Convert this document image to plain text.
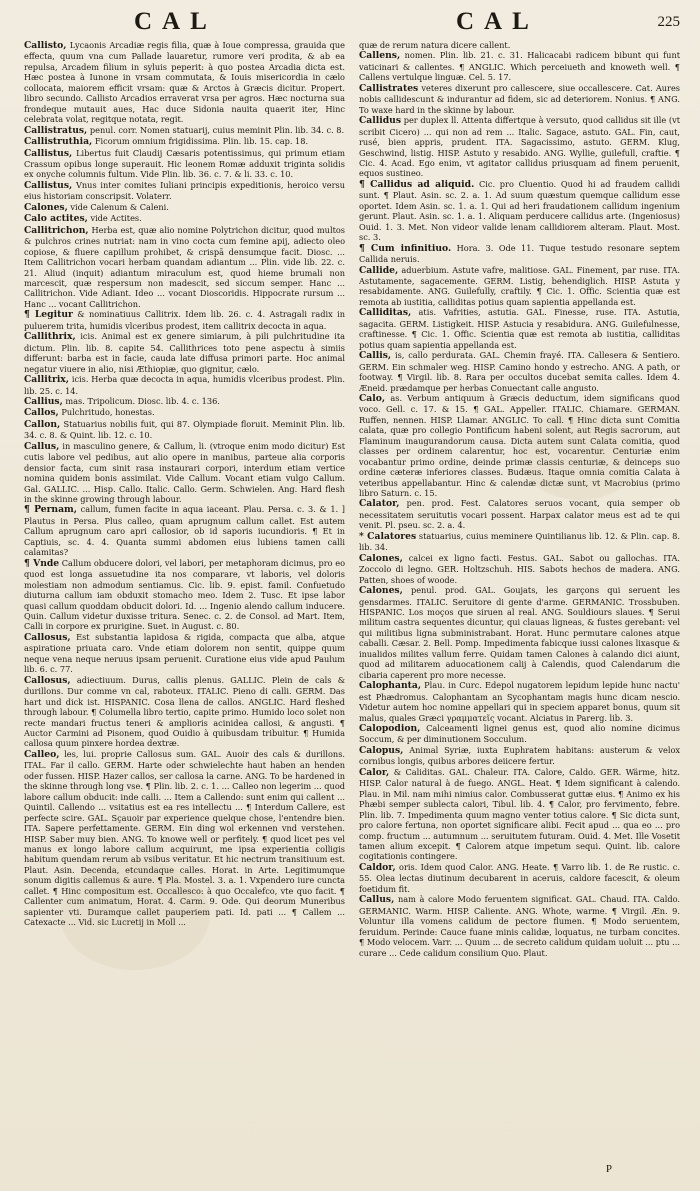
CAL	CAL	225

Callisto, Lycaonis Arcadiæ regis filia, quæ à Ioue compressa, grauida que effecta, quum vna cum Pallade lauaretur, rumore veri prodita, & ab ea repulsa, Arcadem filium in syluis peperit: à quo postea Arcadia dicta est. Hæc postea à Iunone in vrsam commutata, & Iouis misericordia in cælo collocata, maiorem efficit vrsam: quæ & Arctos à Græcis dicitur. Propert. libro secundo. Callisto Arcadios erraverat vrsa per agros. Hæc nocturna sua frondeque mutauit aues, Hac duce Sidonia nauita quaerit iter, Hinc celebrata volat, regitque notata, regit.

Callistratus, penul. corr. Nomen statuarij, cuius meminit Plin. lib. 34. c. 8.

Callistruthia, Ficorum omnium frigidissima. Plin. lib. 15. cap. 18.

Callistus, Libertus fuit Claudij Cæsaris potentissimus, qui primum etiam Crassum opibus longe superauit. Hic leonem Romæ adduxit triginta solidis ex onyche columnis fultum. Vide Plin. lib. 36. c. 7. & li. 33. c. 10.

Callistus, Vnus inter comites Iuliani principis expeditionis, heroico versu eius historiam conscripsit. Volaterr.

Calones, vide Calenum & Caleni.

Calo actites, vide Actites.

Callitrichon, Herba est, quæ alio nomine Polytrichon dicitur, quod multos & pulchros crines nutriat: nam in vino cocta cum femine apij, adiecto oleo copiose, & fluere capillum prohibet, & crispā densumque facit. Diosc. ... Item Callitrichon vocari herbam quandam adiantum ... Plin. vide lib. 22. c. 21. Aliud (inquit) adiantum miraculum est, quod hieme brumali non marcescit, quæ respersum non madescit, sed siccum semper. Hanc ... Callitrichon. Vide Adiant. Ideo ... vocant Dioscoridis. Hippocrate rursum ... Hanc ... vocant Callitrichon.

¶ Legitur & nominatiuus Callitrix. Idem lib. 26. c. 4. Astragali radix in puluerem trita, humidis vlceribus prodest, item callitrix decocta in aqua.

Callithrix, icis. Animal est ex genere simiarum, à pili pulchritudine ita dictum. Plin. lib. 8. capite 54. Callithrices toto pene aspectu à simiis differunt: barba est in facie, cauda late diffusa primori parte. Hoc animal negatur viuere in alio, nisi Æthiopiæ, quo gignitur, cælo.

Callitrix, icis. Herba quæ decocta in aqua, humidis vlceribus prodest. Plin. lib. 25. c. 14.

Callius, mas. Tripolicum. Diosc. lib. 4. c. 136.

Callos, Pulchritudo, honestas.

Callon, Statuarius nobilis fuit, qui 87. Olympiade floruit. Meminit Plin. lib. 34. c. 8. & Quint. lib. 12. c. 10.

Callus, in masculino genere, & Callum, li. (vtroque enim modo dicitur) Est cutis labore vel pedibus, aut alio opere in manibus, parteue alia corporis densior facta, cum sinit rasa instaurari corpori, interdum etiam vertice nomina quidem bonis assimilat. Vide Callum. Vocant etiam vulgo Callum. Gal. GALLIC. ... Hisp. Callo. Italic. Callo. Germ. Schwielen. Ang. Hard flesh in the skinne growing through labour.

¶ Pernam, callum, fumen facite in aqua iaceant. Plau. Persa. c. 3. & 1. ] Plautus in Persa. Plus calleo, quam aprugnum callum callet. Est autem Callum aprugnum caro apri callosior, ob id saporis iucundioris. ¶ Et in Captiuis, sc. 4. 4. Quanta summi abdomen eius lubiens tamen calli calamitas?

¶ Vnde Callum obducere dolori, vel labori, per metaphoram dicimus, pro eo quod est longa assuetudine ita nos comparare, vt laboris, vel doloris molestiam non admodum sentiamus. Cic. lib. 9. epist. famil. Confuetudo diuturna callum iam obduxit stomacho meo. Idem 2. Tusc. Et ipse labor quasi callum quoddam obducit dolori. Id. ... Ingenio alendo callum inducere. Quin. Callum videtur duxisse tritura. Senec. c. 2. de Consol. ad Mart. Item, Calli in corpore ex prurigine. Suet. in August. c. 80.

Callosus, Est substantia lapidosa & rigida, compacta que alba, atque aspiratione priuata caro. Vnde etiam dolorem non sentit, quippe quum neque vena neque neruus ipsam peruenit. Curatione eius vide apud Paulum lib. 6. c. 77.

Callosus, adiectiuum. Durus, callis plenus. GALLIC. Plein de cals & durillons. Dur comme vn cal, raboteux. ITALIC. Pieno di calli. GERM. Das hart und dick ist. HISPANIC. Cosa llena de callos. ANGLIC. Hard fleshed through labour. ¶ Columella libro tertio, capite primo. Humido loco solet non recte mandari fructus teneri & amplioris acinidea callosi, & angusti. ¶ Auctor Carmini ad Pisonem, quod Ouidio à quibusdam tribuitur. ¶ Humida callosa quum pinxere hordea dextræ.

Calleo, les, lui. proprie Callosus sum. GAL. Auoir des cals & durillons. ITAL. Far il callo. GERM. Harte oder schwielechte haut haben an henden oder fussen. HISP. Hazer callos, ser callosa la carne. ANG. To be hardened in the skinne through long vse. ¶ Plin. lib. 2. c. 1. ... Calleo non legerim ... quod labore callum obducit: inde calli. ... Item a Callendo: sunt enim qui callent ... Quintil. Callendo ... vsitatius est ea res intellectu ... ¶ Interdum Callere, est perfecte scire. GAL. Sçauoir par experience quelque chose, l'entendre bien. ITA. Sapere perfettamente. GERM. Ein ding wol erkennen vnd verstehen. HISP. Saber muy bien. ANG. To knowe well or perfitely. ¶ quod licet pes vel manus ex longo labore callum acquirunt, me ipsa experientia colligis habitum quendam rerum ab vsibus veritatur. Et hic nectrum transitiuum est. Plaut. Asin. Decenda, etcundaque calles. Horat. in Arte. Legitimumque sonum digitis callemus & aure. ¶ Pla. Mostel. 3. a. 1. Vxpendero iure cuncta callet. ¶ Hinc compositum est. Occallesco: à quo Occalefco, vte quo facit. ¶ Callenter cum animatum, Horat. 4. Carm. 9. Ode. Qui deorum Muneribus sapienter vti. Duramque callet pauperiem pati. Id. pati ... ¶ Callem ... Catexacte ... Vid. sic Lucretij in Moll ...

quæ de rerum natura dicere callent.

Callens, nomen. Plin. lib. 21. c. 31. Halicacabi radicem bibunt qui funt vaticinari & callentes. ¶ ANGLIC. Which perceiueth and knoweth well. ¶ Callens vertulque linguæ. Cel. 5. 17.

Callistrates veteres dixerunt pro callescere, siue occallescere. Cat. Aures nobis callidescunt & indurantur ad fidem, sic ad deteriorem. Nonius. ¶ ANG. To waxe hard in the skinne by labour.

Callidus per duplex ll. Attenta differtque à versuto, quod callidus sit ille (vt scribit Cicero) ... qui non ad rem ... Italic. Sagace, astuto. GAL. Fin, caut, rusé, bien appris, prudent. ITA. Sagacissimo, astuto. GERM. Klug, Geschwind, listig. HISP. Astuto y resabido. ANG. Wyllie, guilefull, craftie. ¶ Cic. 4. Acad. Ego enim, vt agitator callidus priusquam ad finem peruenit, equos sustineo.

¶ Callidus ad aliquid. Cic. pro Cluentio. Quod hi ad fraudem callidi sunt. ¶ Plaut. Asin. sc. 2. a. 1. Ad suum quæstum quemque callidum esse oportet. Idem Asin. sc. 1. a. 1. Qui ad heri fraudationem callidum ingenium gerunt. Plaut. Asin. sc. 1. a. 1. Aliquam perducere callidus arte. (Ingeniosus) Ouid. 1. 3. Met. Non videor valide lenam callidiorem alteram. Plaut. Most. sc. 3.

¶ Cum infinitiuo. Hora. 3. Ode 11. Tuque testudo resonare septem Callida neruis.

Callide, aduerbium. Astute vafre, malitiose. GAL. Finement, par ruse. ITA. Astutamente, sagacemente. GERM. Listig, behendiglich. HISP. Astuta y resabidamente. ANG. Guilefully, craftily. ¶ Cic. 1. Offic. Scientia quæ est remota ab iustitia, calliditas potius quam sapientia appellanda est.

Calliditas, atis. Vafrities, astutia. GAL. Finesse, ruse. ITA. Astutia, sagacita. GERM. Listigkeit. HISP. Astucia y resabidura. ANG. Guilefulnesse, craftinesse. ¶ Cic. 1. Offic. Scientia quæ est remota ab iustitia, calliditas potius quam sapientia appellanda est.

Callis, is, callo perdurata. GAL. Chemin frayé. ITA. Callesera & Sentiero. GERM. Ein schmaler weg. HISP. Camino hondo y estrecho. ANG. A path, or footway. ¶ Virgil. lib. 8. Rara per occultos ducebat semita calles. Idem 4. Æneid. prædamque per herbas Conuectant calle angusto.

Calo, as. Verbum antiquum à Græcis deductum, idem significans quod voco. Gell. c. 17. & 15. ¶ GAL. Appeller. ITALIC. Chiamare. GERMAN. Ruffen, nennen. HISP. Llamar. ANGLIC. To call. ¶ Hinc dicta sunt Comitia calata, quæ pro collegio Pontificum habeni solent, aut Regis sacrorum, aut Flaminum inaugurandorum causa. Dicta autem sunt Calata comitia, quod classes per ordinem calarentur, hoc est, vocarentur. Centuriæ enim vocabantur primo ordine, deinde primæ classis centuriæ, & deinceps suo ordine cæteræ inferiores classes. Budæus. Itaque omnia comitia Calata à veteribus appellabantur. Hinc & calendæ dictæ sunt, vt Macrobius (primo libro Saturn. c. 15.

Calator, pen. prod. Fest. Calatores seruos vocant, quia semper ob necessitatem seruitutis vocari possent. Harpax calator meus est ad te qui venit. Pl. pseu. sc. 2. a. 4.

* Calatores statuarius, cuius meminere Quintilianus lib. 12. & Plin. cap. 8. lib. 34.

Calones, calcei ex ligno facti. Festus. GAL. Sabot ou gallochas. ITA. Zoccolo di legno. GER. Holtzschuh. HIS. Sabots hechos de madera. ANG. Patten, shoes of woode.

Calones, penul. prod. GAL. Goujats, les garçons qui seruent les gensdarmes. ITALIC. Seruitore di gente d'arme. GERMANIC. Trossbuben. HISPANIC. Los moços que siruen al real. ANG. Souldiours slaues. ¶ Serui militum castra sequentes dicuntur, qui clauas ligneas, & fustes gerebant: vel qui militibus ligna subministrabant. Horat. Hunc permutare calones atque caballi. Cæsar. 2. Bell. Pomp. Impedimenta fabicque iussi calones lixasque & inualidos milites vallum ferre. Quidam tamen Calones à calando dici aiunt, quod ad militarem aduocationem calij à Calendis, quod Calendarum die cibaria caperent pro more necesse.

Calophanta, Plau. in Curc. Edepol nugatorem lepidum lepide hunc nactu' est Phædromus. Calophantam an Sycophantam magis hunc dicam nescio. Videtur autem hoc nomine appellari qui in speciem apparet bonus, quum sit malus, quales Græci γραμματεῖς vocant. Alciatus in Parerg. lib. 3.

Calopodion, Calceamenti lignei genus est, quod alio nomine dicimus Soccum, & per diminutionem Socculum.

Calopus, Animal Syriæ, iuxta Euphratem habitans: austerum & velox cornibus longis, quibus arbores deiicere fertur.

Calor, & Caliditas. GAL. Chaleur. ITA. Calore, Caldo. GER. Wärme, hitz. HISP. Calor natural à de fuego. ANGL. Heat. ¶ Idem significant à calendo. Plau. in Mil. nam mihi nimius calor. Combusserat guttæ eius. ¶ Animo ex his Phæbi semper sublecta calori, Tibul. lib. 4. ¶ Calor, pro fervimento, febre. Plin. lib. 7. Impedimenta quum magno venter totius calore. ¶ Sic dicta sunt, pro calore fertuna, non oportet significare alibi. Fecit apud ... qua eo ... pro comp. fructum ... autumnum ... seruitutem futuram. Ouid. 4. Met. Ille Vosetit tamen alium excepit. ¶ Calorem atque impetum sequi. Quint. lib. calore cogitationis contingere.

Caldor, oris. Idem quod Calor. ANG. Heate. ¶ Varro lib. 1. de Re rustic. c. 55. Olea lectas diutinum decubarent in aceruis, caldore facescit, & oleum foetidum fit.

Callus, nam à calore Modo feruentem significat. GAL. Chaud. ITA. Caldo. GERMANIC. Warm. HISP. Caliente. ANG. Whote, warme. ¶ Virgil. Æn. 9. Voluntur illa vomens calidum de pectore flumen. ¶ Modo seruentem, feruidum. Perinde: Cauce fuane minis calidæ, loquatus, ne turbam concites. ¶ Modo velocem. Varr. ... Quum ... de secreto calidum quidam uoluit ... ptu ... curare ... Cede calidum consilium Quo. Plaut.

P
